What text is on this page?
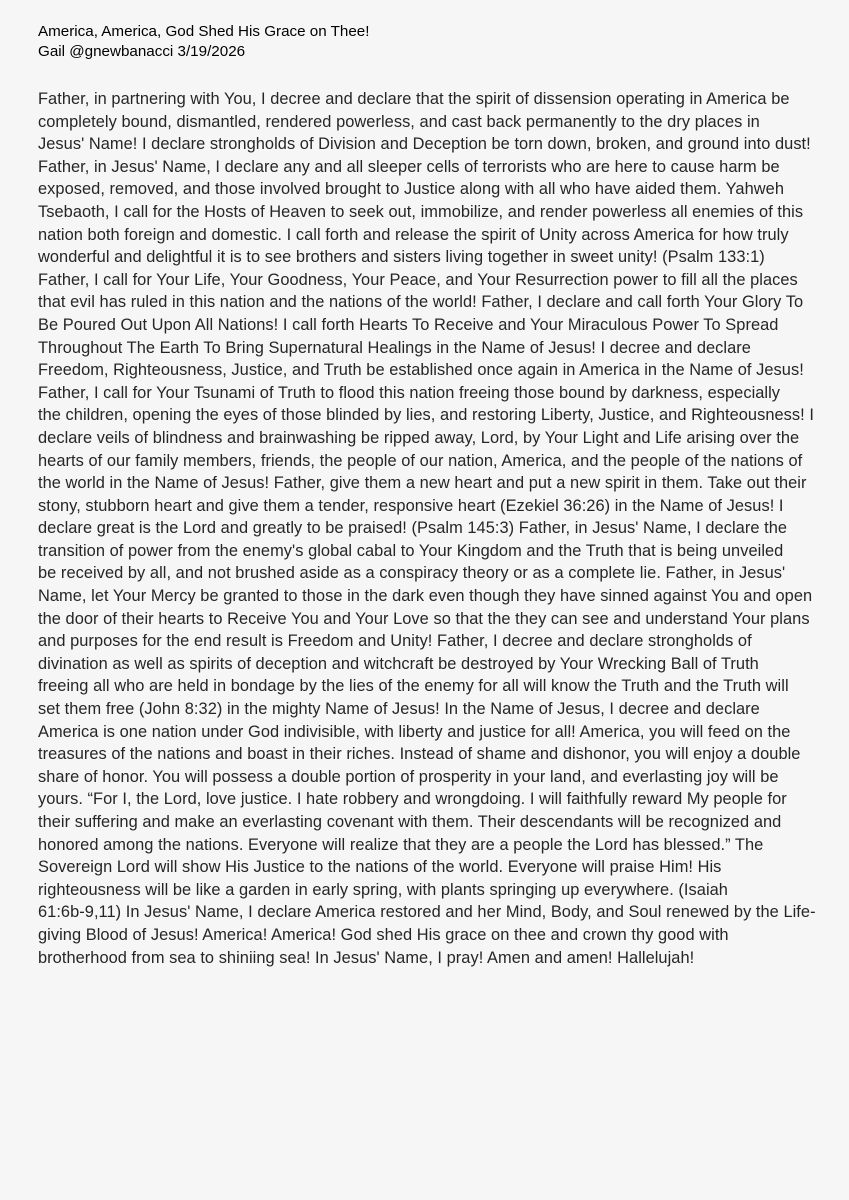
America, America, God Shed His Grace on Thee!
Gail @gnewbanacci 3/19/2026
Father, in partnering with You, I decree and declare that the spirit of dissension operating in America be
completely bound, dismantled, rendered powerless, and cast back permanently to the dry places in
Jesus' Name! I declare strongholds of Division and Deception be torn down, broken, and ground into dust!
Father, in Jesus' Name, I declare any and all sleeper cells of terrorists who are here to cause harm be
exposed, removed, and those involved brought to Justice along with all who have aided them. Yahweh
Tsebaoth, I call for the Hosts of Heaven to seek out, immobilize, and render powerless all enemies of this
nation both foreign and domestic. I call forth and release the spirit of Unity across America for how truly
wonderful and delightful it is to see brothers and sisters living together in sweet unity! (Psalm 133:1)
Father, I call for Your Life, Your Goodness, Your Peace, and Your Resurrection power to fill all the places
that evil has ruled in this nation and the nations of the world! Father, I declare and call forth Your Glory To
Be Poured Out Upon All Nations! I call forth Hearts To Receive and Your Miraculous Power To Spread
Throughout The Earth To Bring Supernatural Healings in the Name of Jesus! I decree and declare
Freedom, Righteousness, Justice, and Truth be established once again in America in the Name of Jesus!
Father, I call for Your Tsunami of Truth to flood this nation freeing those bound by darkness, especially
the children, opening the eyes of those blinded by lies, and restoring Liberty, Justice, and Righteousness! I
declare veils of blindness and brainwashing be ripped away, Lord, by Your Light and Life arising over the
hearts of our family members, friends, the people of our nation, America, and the people of the nations of
the world in the Name of Jesus! Father, give them a new heart and put a new spirit in them. Take out their
stony, stubborn heart and give them a tender, responsive heart (Ezekiel 36:26) in the Name of Jesus! I
declare great is the Lord and greatly to be praised! (Psalm 145:3) Father, in Jesus' Name, I declare the
transition of power from the enemy's global cabal to Your Kingdom and the Truth that is being unveiled
be received by all, and not brushed aside as a conspiracy theory or as a complete lie. Father, in Jesus'
Name, let Your Mercy be granted to those in the dark even though they have sinned against You and open
the door of their hearts to Receive You and Your Love so that the they can see and understand Your plans
and purposes for the end result is Freedom and Unity! Father, I decree and declare strongholds of
divination as well as spirits of deception and witchcraft be destroyed by Your Wrecking Ball of Truth
freeing all who are held in bondage by the lies of the enemy for all will know the Truth and the Truth will
set them free (John 8:32) in the mighty Name of Jesus! In the Name of Jesus, I decree and declare
America is one nation under God indivisible, with liberty and justice for all! America, you will feed on the
treasures of the nations and boast in their riches. Instead of shame and dishonor, you will enjoy a double
share of honor. You will possess a double portion of prosperity in your land, and everlasting joy will be
yours. “For I, the Lord, love justice. I hate robbery and wrongdoing. I will faithfully reward My people for
their suffering and make an everlasting covenant with them. Their descendants will be recognized and
honored among the nations. Everyone will realize that they are a people the Lord has blessed.” The
Sovereign Lord will show His Justice to the nations of the world. Everyone will praise Him! His
righteousness will be like a garden in early spring, with plants springing up everywhere. (Isaiah
61:6b-9,11) In Jesus' Name, I declare America restored and her Mind, Body, and Soul renewed by the Life-
giving Blood of Jesus! America! America! God shed His grace on thee and crown thy good with
brotherhood from sea to shiniing sea! In Jesus' Name, I pray! Amen and amen! Hallelujah!
